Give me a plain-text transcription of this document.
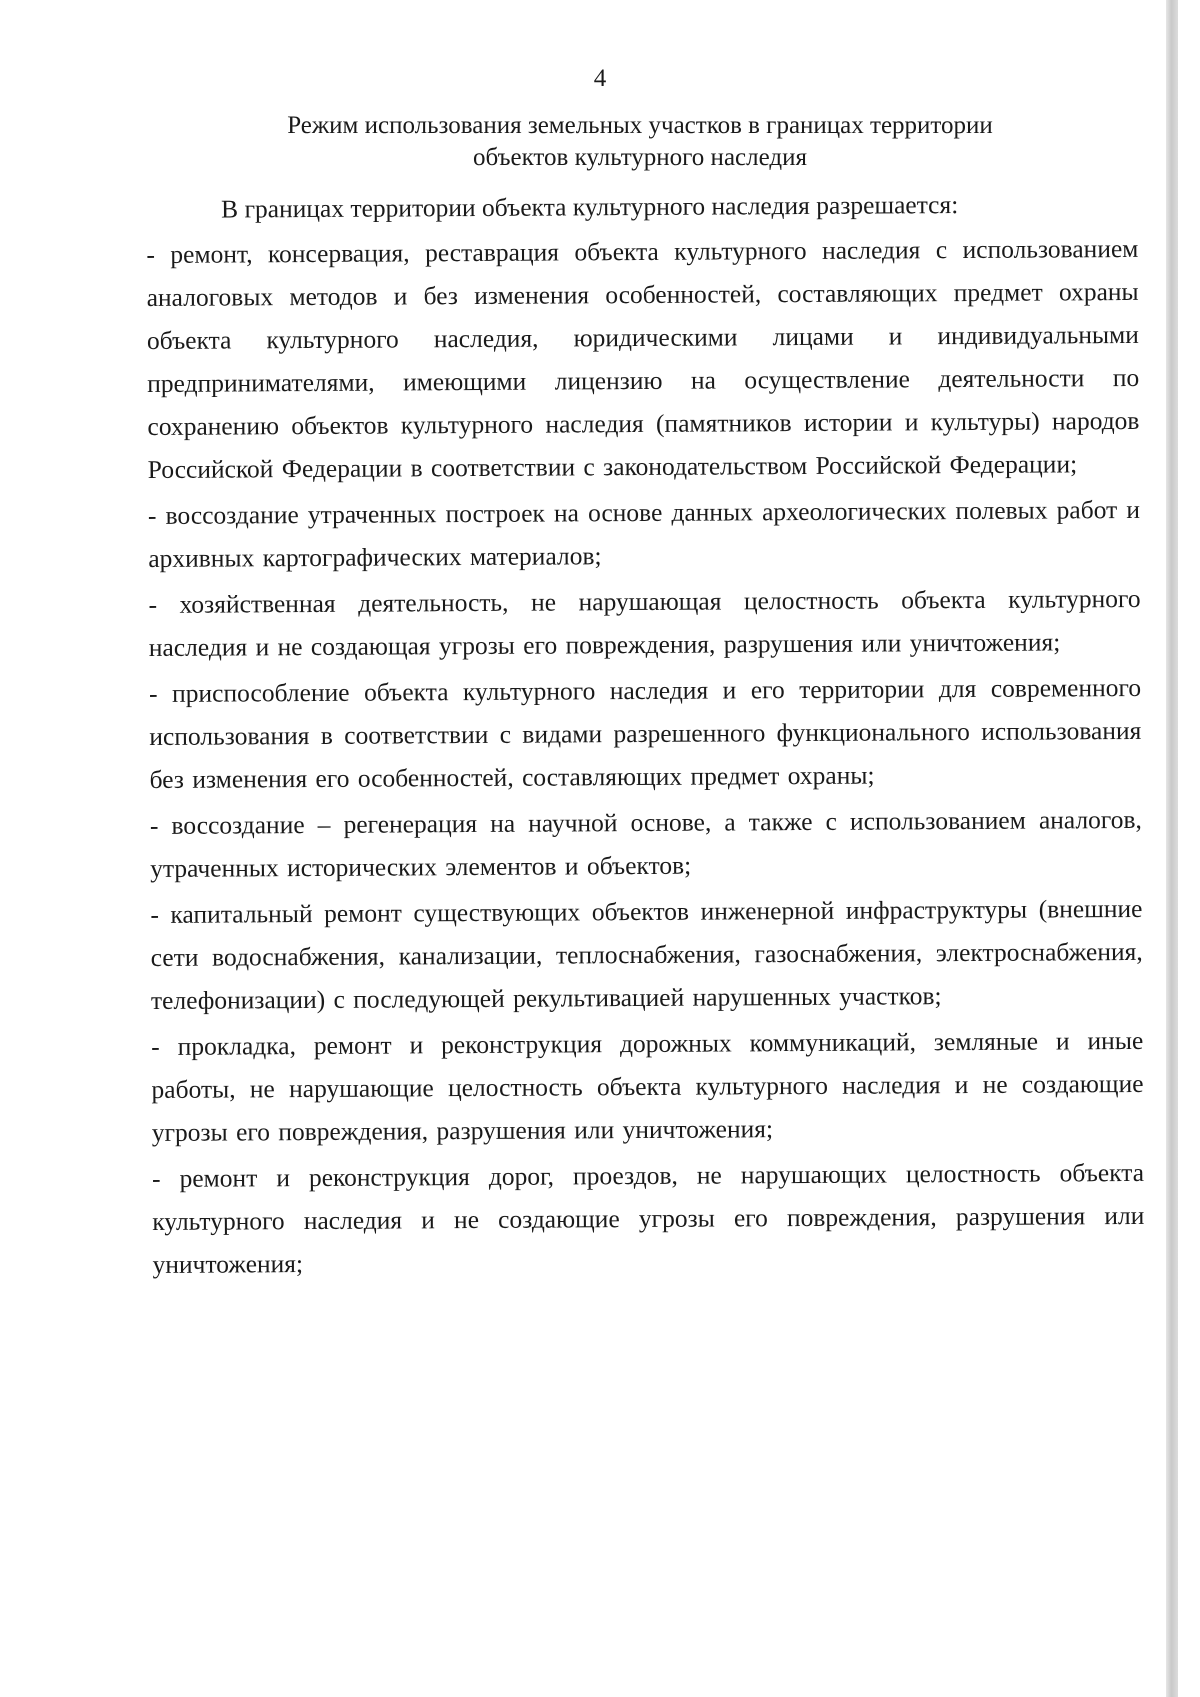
4
Режим использования земельных участков в границах территории
объектов культурного наследия

В границах территории объекта культурного наследия разрешается:

- ремонт, консервация, реставрация объекта культурного наследия с использованием аналоговых методов и без изменения особенностей, составляющих предмет охраны объекта культурного наследия, юридическими лицами и индивидуальными предпринимателями, имеющими лицензию на осуществление деятельности по сохранению объектов культурного наследия (памятников истории и культуры) народов Российской Федерации в соответствии с законодательством Российской Федерации;

- воссоздание утраченных построек на основе данных археологических полевых работ и архивных картографических материалов;

- хозяйственная деятельность, не нарушающая целостность объекта культурного наследия и не создающая угрозы его повреждения, разрушения или уничтожения;

- приспособление объекта культурного наследия и его территории для современного использования в соответствии с видами разрешенного функционального использования без изменения его особенностей, составляющих предмет охраны;

- воссоздание – регенерация на научной основе, а также с использованием аналогов, утраченных исторических элементов и объектов;

- капитальный ремонт существующих объектов инженерной инфраструктуры (внешние сети водоснабжения, канализации, теплоснабжения, газоснабжения, электроснабжения, телефонизации) с последующей рекультивацией нарушенных участков;

- прокладка, ремонт и реконструкция дорожных коммуникаций, земляные и иные работы, не нарушающие целостность объекта культурного наследия и не создающие угрозы его повреждения, разрушения или уничтожения;

- ремонт и реконструкция дорог, проездов, не нарушающих целостность объекта культурного наследия и не создающие угрозы его повреждения, разрушения или уничтожения;
